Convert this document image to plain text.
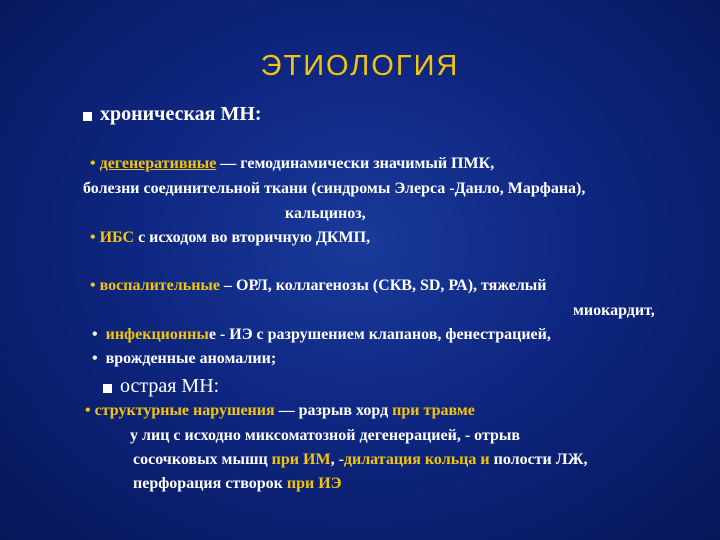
ЭТИОЛОГИЯ
хроническая МН:
• дегенеративные — гемодинамически значимый ПМК,
болезни соединительной ткани (синдромы Элерса -Данло, Марфана),
кальциноз,
• ИБС с исходом во вторичную ДКМП,
• воспалительные – ОРЛ, коллагенозы (СКВ, SD, РА), тяжелый
миокардит,
• инфекционные - ИЭ с разрушением клапанов, фенестрацией,
• врожденные аномалии;
острая МН:
• структурные нарушения — разрыв хорд при травме
у лиц с исходно миксоматозной дегенерацией, - отрыв
сосочковых мышц при ИМ, -дилатация кольца и полости ЛЖ,
перфорация створок при ИЭ
